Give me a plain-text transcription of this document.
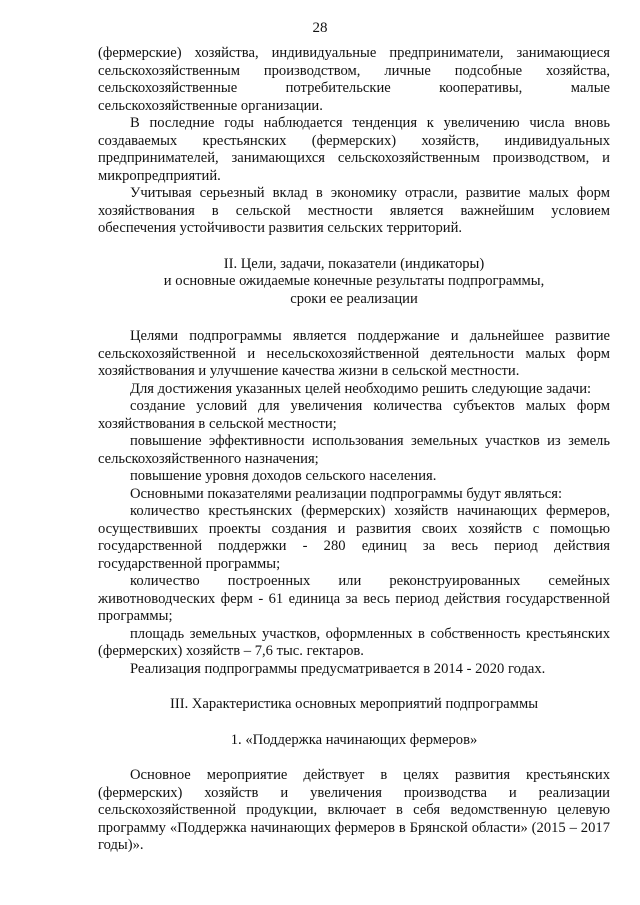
28

(фермерские) хозяйства, индивидуальные предприниматели, занимающиеся сельскохозяйственным производством, личные подсобные хозяйства, сельскохозяйственные потребительские кооперативы, малые сельскохозяйственные организации.

В последние годы наблюдается тенденция к увеличению числа вновь создаваемых крестьянских (фермерских) хозяйств, индивидуальных предпринимателей, занимающихся сельскохозяйственным производством, и микропредприятий.

Учитывая серьезный вклад в экономику отрасли, развитие малых форм хозяйствования в сельской местности является важнейшим условием обеспечения устойчивости развития сельских территорий.

II. Цели, задачи, показатели (индикаторы)

и основные ожидаемые конечные результаты подпрограммы,

сроки ее реализации

Целями подпрограммы является поддержание и дальнейшее развитие сельскохозяйственной и несельскохозяйственной деятельности малых форм хозяйствования и улучшение качества жизни в сельской местности.

Для достижения указанных целей необходимо решить следующие задачи:

создание условий для увеличения количества субъектов малых форм хозяйствования в сельской местности;

повышение эффективности использования земельных участков из земель сельскохозяйственного назначения;

повышение уровня доходов сельского населения.

Основными показателями реализации подпрограммы будут являться:

количество крестьянских (фермерских) хозяйств начинающих фермеров, осуществивших проекты создания и развития своих хозяйств с помощью государственной поддержки - 280 единиц за весь период действия государственной программы;

количество построенных или реконструированных семейных животноводческих ферм - 61 единица за весь период действия государственной программы;

площадь земельных участков, оформленных в собственность крестьянских (фермерских) хозяйств – 7,6 тыс. гектаров.

Реализация подпрограммы предусматривается в 2014 - 2020 годах.

III. Характеристика основных мероприятий подпрограммы

1. «Поддержка начинающих фермеров»

Основное мероприятие действует в целях развития крестьянских (фермерских) хозяйств и увеличения производства и реализации сельскохозяйственной продукции, включает в себя ведомственную целевую программу «Поддержка начинающих фермеров в Брянской области» (2015 – 2017 годы)».
